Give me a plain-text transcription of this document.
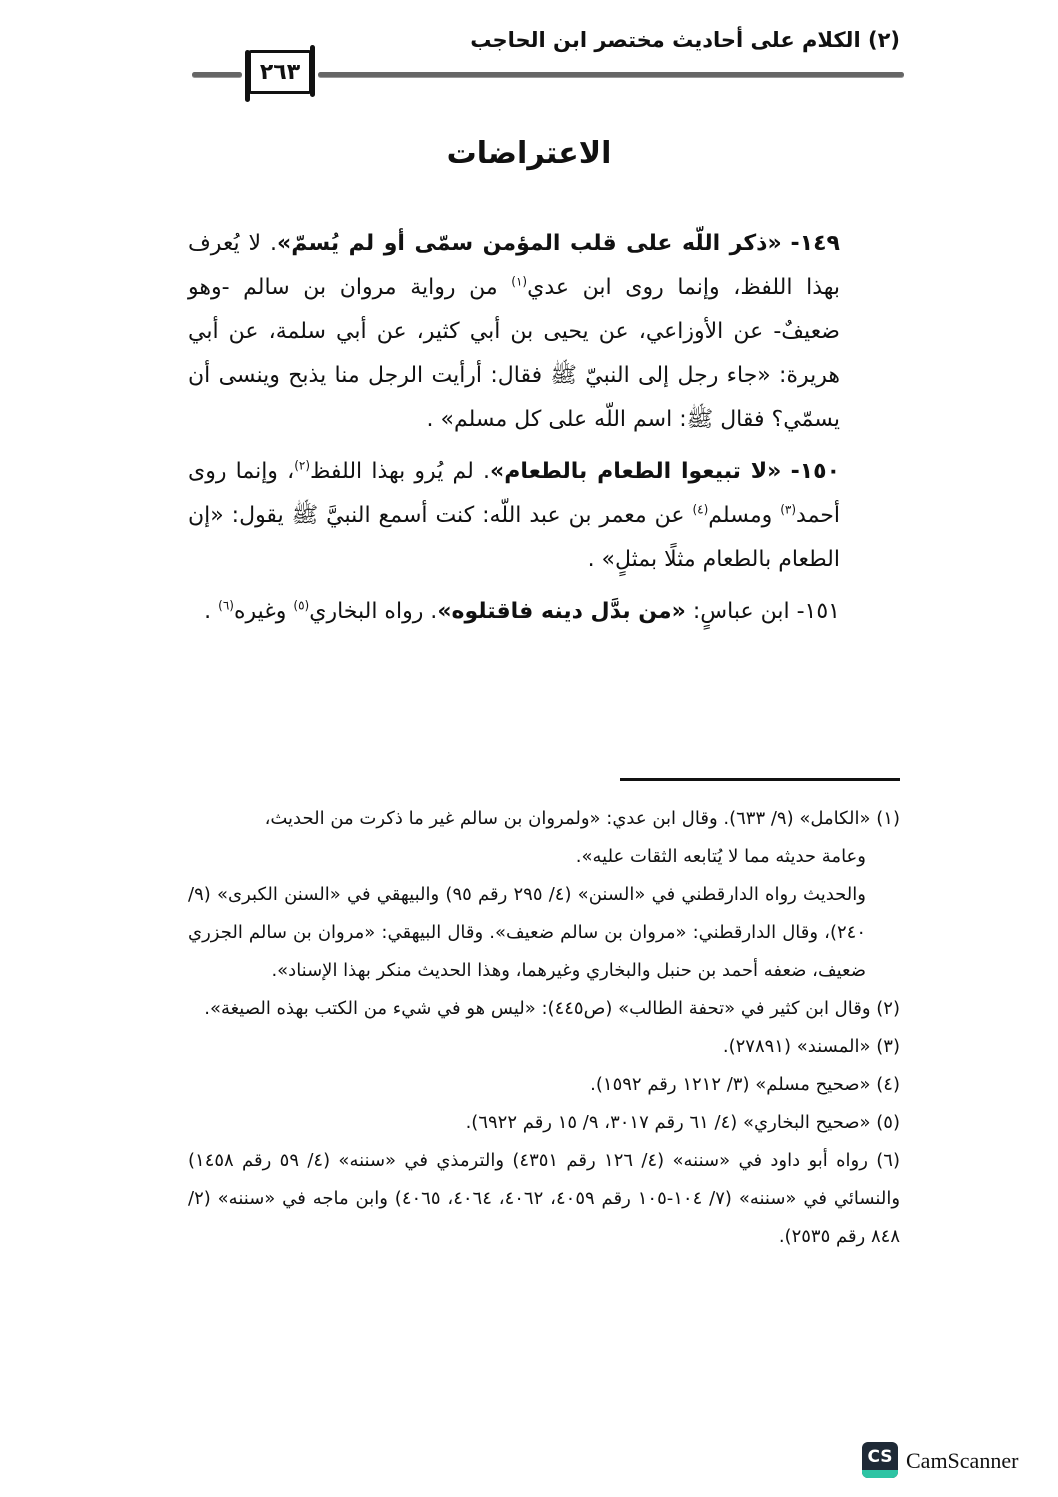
(٢) الكلام على أحاديث مختصر ابن الحاجب
٢٦٣
الاعتراضات

١٤٩- «ذكر اللّه على قلب المؤمن سمّى أو لم يُسمّ». لا يُعرف بهذا اللفظ، وإنما روى ابن عدي$^{(١)}$ من رواية مروان بن سالم -وهو ضعيفٌ- عن الأوزاعي، عن يحيى بن أبي كثير، عن أبي سلمة، عن أبي هريرة: «جاء رجل إلى النبيّ ﷺ فقال: أرأيت الرجل منا يذبح وينسى أن يسمّي؟ فقال ﷺ: اسم اللّه على كل مسلم» .

١٥٠- «لا تبيعوا الطعام بالطعام». لم يُرو بهذا اللفظ$^{(٢)}$، وإنما روى أحمد$^{(٣)}$ ومسلم$^{(٤)}$ عن معمر بن عبد اللّه: كنت أسمع النبيَّ ﷺ يقول: «إن الطعام بالطعام مثلًا بمثلٍ» .

١٥١- ابن عباسٍ: «من بدَّل دينه فاقتلوه». رواه البخاري$^{(٥)}$ وغيره$^{(٦)}$ .

(١) «الكامل» (٩/ ٦٣٣). وقال ابن عدي: «ولمروان بن سالم غير ما ذكرت من الحديث،

وعامة حديثه مما لا يُتابعه الثقات عليه».

والحديث رواه الدارقطني في «السنن» (٤/ ٢٩٥ رقم ٩٥) والبيهقي في «السنن الكبرى» (٩/ ٢٤٠)، وقال الدارقطني: «مروان بن سالم ضعيف». وقال البيهقي: «مروان بن سالم الجزري ضعيف، ضعفه أحمد بن حنبل والبخاري وغيرهما، وهذا الحديث منكر بهذا الإسناد».

(٢) وقال ابن كثير في «تحفة الطالب» (ص٤٤٥): «ليس هو في شيء من الكتب بهذه الصيغة».

(٣) «المسند» (٢٧٨٩١).

(٤) «صحيح مسلم» (٣/ ١٢١٢ رقم ١٥٩٢).

(٥) «صحيح البخاري» (٤/ ٦١ رقم ٣٠١٧، ٩/ ١٥ رقم ٦٩٢٢).

(٦) رواه أبو داود في «سننه» (٤/ ١٢٦ رقم ٤٣٥١) والترمذي في «سننه» (٤/ ٥٩ رقم ١٤٥٨) والنسائي في «سننه» (٧/ ١٠٤-١٠٥ رقم ٤٠٥٩، ٤٠٦٢، ٤٠٦٤، ٤٠٦٥) وابن ماجه في «سننه» (٢/ ٨٤٨ رقم ٢٥٣٥).

CS CamScanner
